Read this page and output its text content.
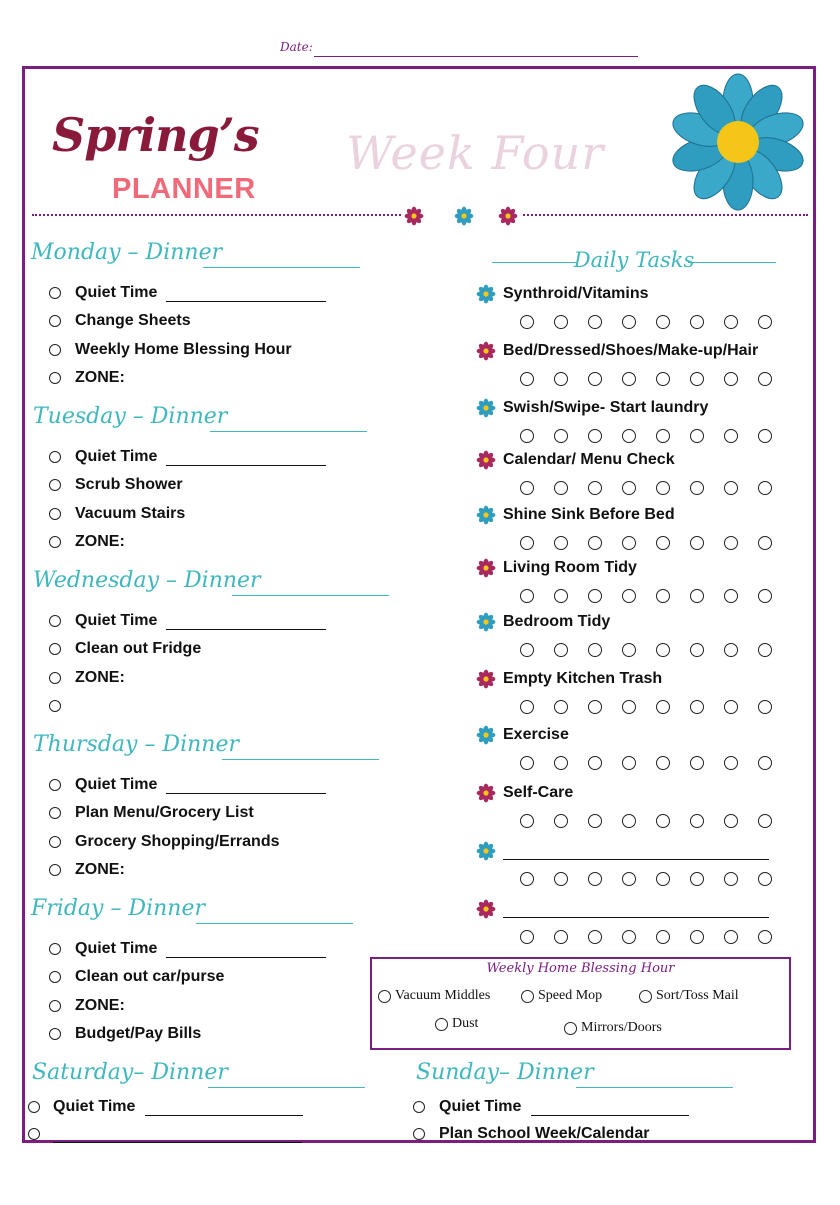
Date:
Spring’s
PLANNER
Week Four
Monday – Dinner
Quiet Time
Change Sheets
Weekly Home Blessing Hour
ZONE:
Tuesday – Dinner
Quiet Time
Scrub Shower
Vacuum Stairs
ZONE:
Wednesday – Dinner
Quiet Time
Clean out Fridge
ZONE:
Thursday – Dinner
Quiet Time
Plan Menu/Grocery List
Grocery Shopping/Errands
ZONE:
Friday – Dinner
Quiet Time
Clean out car/purse
ZONE:
Budget/Pay Bills
Daily Tasks
Synthroid/Vitamins
Bed/Dressed/Shoes/Make-up/Hair
Swish/Swipe- Start laundry
Calendar/ Menu Check
Shine Sink Before Bed
Living Room Tidy
Bedroom Tidy
Empty Kitchen Trash
Exercise
Self-Care
Weekly Home Blessing Hour
Vacuum Middles	Speed Mop	Sort/Toss Mail
Dust	Mirrors/Doors
Saturday– Dinner
Quiet Time
Sunday– Dinner
Quiet Time
Plan School Week/Calendar
